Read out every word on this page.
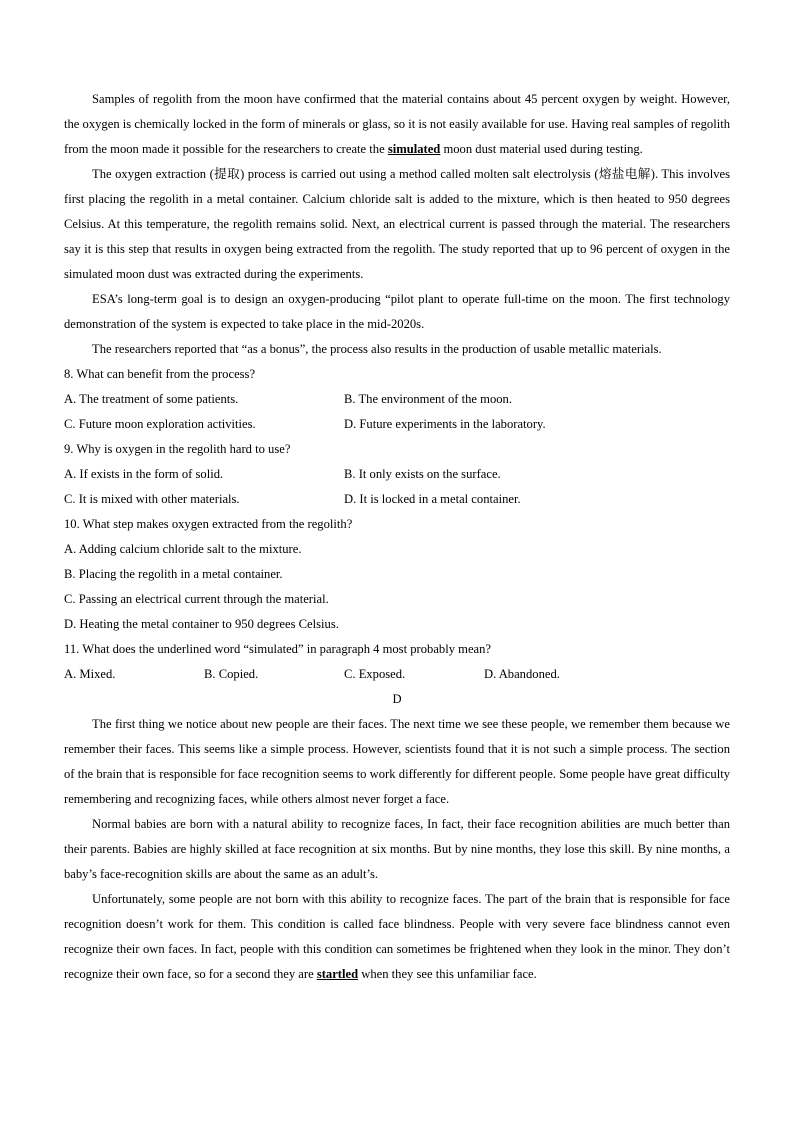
Samples of regolith from the moon have confirmed that the material contains about 45 percent oxygen by weight. However, the oxygen is chemically locked in the form of minerals or glass, so it is not easily available for use. Having real samples of regolith from the moon made it possible for the researchers to create the simulated moon dust material used during testing.

The oxygen extraction (提取) process is carried out using a method called molten salt electrolysis (熔盐电解). This involves first placing the regolith in a metal container. Calcium chloride salt is added to the mixture, which is then heated to 950 degrees Celsius. At this temperature, the regolith remains solid. Next, an electrical current is passed through the material. The researchers say it is this step that results in oxygen being extracted from the regolith. The study reported that up to 96 percent of oxygen in the simulated moon dust was extracted during the experiments.

ESA’s long-term goal is to design an oxygen-producing “pilot plant to operate full-time on the moon. The first technology demonstration of the system is expected to take place in the mid-2020s.

The researchers reported that “as a bonus”, the process also results in the production of usable metallic materials.

8. What can benefit from the process?

A. The treatment of some patients.	B. The environment of the moon.
C. Future moon exploration activities.	D. Future experiments in the laboratory.

9. Why is oxygen in the regolith hard to use?

A. If exists in the form of solid.	B. It only exists on the surface.
C. It is mixed with other materials.	D. It is locked in a metal container.

10. What step makes oxygen extracted from the regolith?

A. Adding calcium chloride salt to the mixture.

B. Placing the regolith in a metal container.

C. Passing an electrical current through the material.

D. Heating the metal container to 950 degrees Celsius.

11. What does the underlined word “simulated” in paragraph 4 most probably mean?

A. Mixed.	B. Copied.	C. Exposed.	D. Abandoned.

D

The first thing we notice about new people are their faces. The next time we see these people, we remember them because we remember their faces. This seems like a simple process. However, scientists found that it is not such a simple process. The section of the brain that is responsible for face recognition seems to work differently for different people. Some people have great difficulty remembering and recognizing faces, while others almost never forget a face.

Normal babies are born with a natural ability to recognize faces, In fact, their face recognition abilities are much better than their parents. Babies are highly skilled at face recognition at six months. But by nine months, they lose this skill. By nine months, a baby’s face-recognition skills are about the same as an adult’s.

Unfortunately, some people are not born with this ability to recognize faces. The part of the brain that is responsible for face recognition doesn’t work for them. This condition is called face blindness. People with very severe face blindness cannot even recognize their own faces. In fact, people with this condition can sometimes be frightened when they look in the minor. They don’t recognize their own face, so for a second they are startled when they see this unfamiliar face.
